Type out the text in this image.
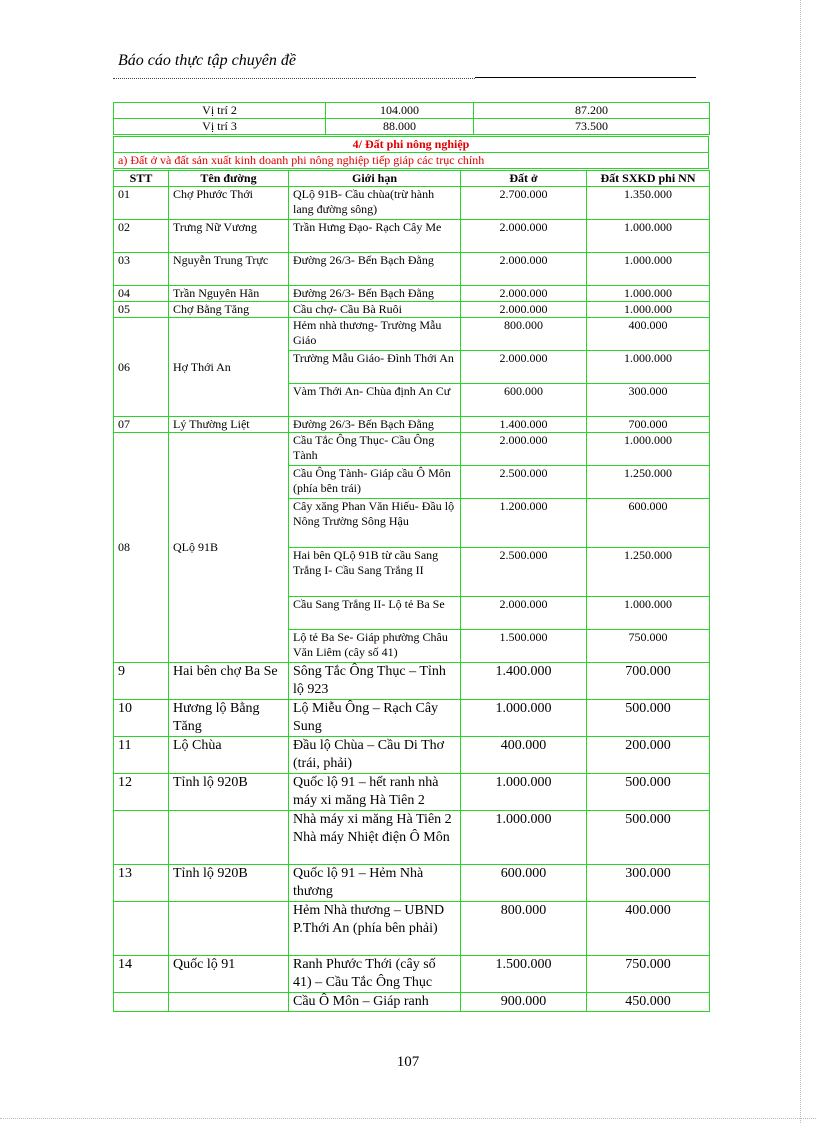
Báo cáo thực tập chuyên đề
Vị trí 2	104.000	87.200
Vị trí 3	88.000	73.500
4/ Đất phi nông nghiệp
a) Đất ở và đất sản xuất kinh doanh phi nông nghiệp tiếp giáp các trục chính
STT	Tên đường	Giới hạn	Đất ở	Đất SXKD phi NN
01	Chợ Phước Thới	QLộ 91B- Cầu chùa(trừ hành lang đường sông)	2.700.000	1.350.000
02	Trưng Nữ Vương	Trần Hưng Đạo- Rạch Cây Me	2.000.000	1.000.000
03	Nguyễn Trung Trực	Đường 26/3- Bến Bạch Đằng	2.000.000	1.000.000
04	Trần Nguyên Hãn	Đường 26/3- Bến Bạch Đằng	2.000.000	1.000.000
05	Chợ Bằng Tăng	Cầu chợ- Cầu Bà Ruôi	2.000.000	1.000.000
06	Hợ Thới An	Hẻm nhà thương- Trường Mẫu Giáo	800.000	400.000
		Trường Mẫu Giáo- Đình Thới An	2.000.000	1.000.000
		Vàm Thới An- Chùa định An Cư	600.000	300.000
07	Lý Thường Liệt	Đường 26/3- Bến Bạch Đằng	1.400.000	700.000
08	QLộ 91B	Cầu Tắc Ông Thục- Cầu Ông Tành	2.000.000	1.000.000
		Cầu Ông Tành- Giáp cầu Ô Môn (phía bên trái)	2.500.000	1.250.000
		Cây xăng Phan Văn Hiếu- Đầu lộ Nông Trường Sông Hậu	1.200.000	600.000
		Hai bên QLộ 91B từ cầu Sang Trắng I- Cầu Sang Trắng II	2.500.000	1.250.000
		Cầu Sang Trắng II- Lộ tẻ Ba Se	2.000.000	1.000.000
		Lộ tẻ Ba Se- Giáp phường Châu Văn Liêm (cây số 41)	1.500.000	750.000
9	Hai bên chợ Ba Se	Sông Tắc Ông Thục – Tỉnh lộ 923	1.400.000	700.000
10	Hương lộ Bằng Tăng	Lộ Miễu Ông – Rạch Cây Sung	1.000.000	500.000
11	Lộ Chùa	Đầu lộ Chùa – Cầu Di Thơ (trái, phải)	400.000	200.000
12	Tỉnh lộ 920B	Quốc lộ 91 – hết ranh nhà máy xi măng Hà Tiên 2	1.000.000	500.000
		Nhà máy xi măng Hà Tiên 2 Nhà máy Nhiệt điện Ô Môn	1.000.000	500.000
13	Tỉnh lộ 920B	Quốc lộ 91 – Hẻm Nhà thương	600.000	300.000
		Hẻm Nhà thương – UBND P.Thới An (phía bên phải)	800.000	400.000
14	Quốc lộ 91	Ranh Phước Thới (cây số 41) – Cầu Tắc Ông Thục	1.500.000	750.000
		Cầu Ô Môn – Giáp ranh	900.000	450.000
107
